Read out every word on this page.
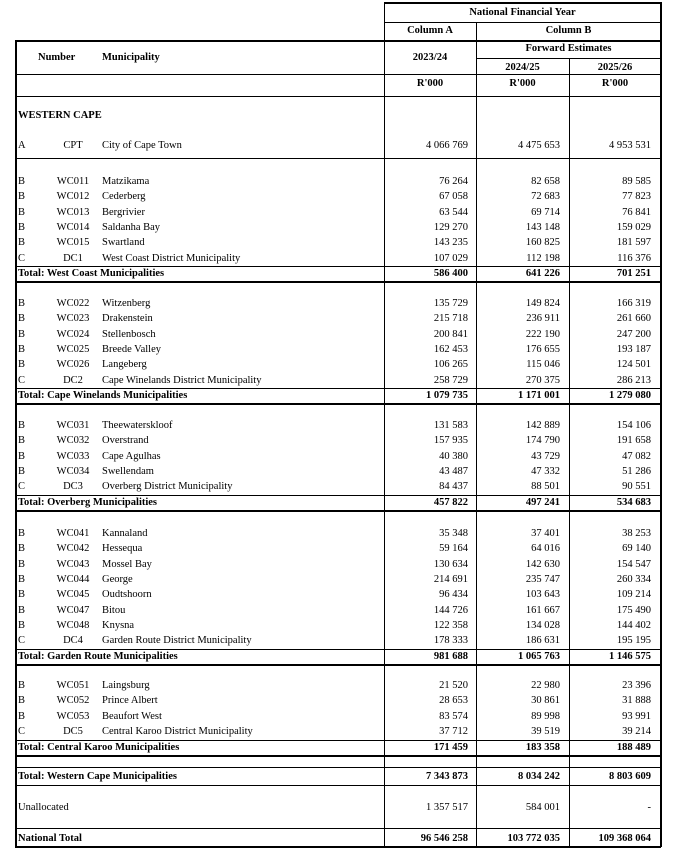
National Financial Year
Column A	Column B
Number	Municipality
Forward Estimates
2023/24
2024/25	2025/26
R'000	R'000	R'000
WESTERN CAPE
A	CPT	City of Cape Town	4 066 769	4 475 653	4 953 531
B	WC011	Matzikama	76 264	82 658	89 585
B	WC012	Cederberg	67 058	72 683	77 823
B	WC013	Bergrivier	63 544	69 714	76 841
B	WC014	Saldanha Bay	129 270	143 148	159 029
B	WC015	Swartland	143 235	160 825	181 597
C	DC1	West Coast District Municipality	107 029	112 198	116 376
Total: West Coast Municipalities	586 400	641 226	701 251
B	WC022	Witzenberg	135 729	149 824	166 319
B	WC023	Drakenstein	215 718	236 911	261 660
B	WC024	Stellenbosch	200 841	222 190	247 200
B	WC025	Breede Valley	162 453	176 655	193 187
B	WC026	Langeberg	106 265	115 046	124 501
C	DC2	Cape Winelands District Municipality	258 729	270 375	286 213
Total: Cape Winelands Municipalities	1 079 735	1 171 001	1 279 080
B	WC031	Theewaterskloof	131 583	142 889	154 106
B	WC032	Overstrand	157 935	174 790	191 658
B	WC033	Cape Agulhas	40 380	43 729	47 082
B	WC034	Swellendam	43 487	47 332	51 286
C	DC3	Overberg District Municipality	84 437	88 501	90 551
Total: Overberg Municipalities	457 822	497 241	534 683
B	WC041	Kannaland	35 348	37 401	38 253
B	WC042	Hessequa	59 164	64 016	69 140
B	WC043	Mossel Bay	130 634	142 630	154 547
B	WC044	George	214 691	235 747	260 334
B	WC045	Oudtshoorn	96 434	103 643	109 214
B	WC047	Bitou	144 726	161 667	175 490
B	WC048	Knysna	122 358	134 028	144 402
C	DC4	Garden Route District Municipality	178 333	186 631	195 195
Total: Garden Route Municipalities	981 688	1 065 763	1 146 575
B	WC051	Laingsburg	21 520	22 980	23 396
B	WC052	Prince Albert	28 653	30 861	31 888
B	WC053	Beaufort West	83 574	89 998	93 991
C	DC5	Central Karoo District Municipality	37 712	39 519	39 214
Total: Central Karoo Municipalities	171 459	183 358	188 489
Total: Western Cape Municipalities	7 343 873	8 034 242	8 803 609
Unallocated	1 357 517	584 001	-
National Total	96 546 258	103 772 035	109 368 064
